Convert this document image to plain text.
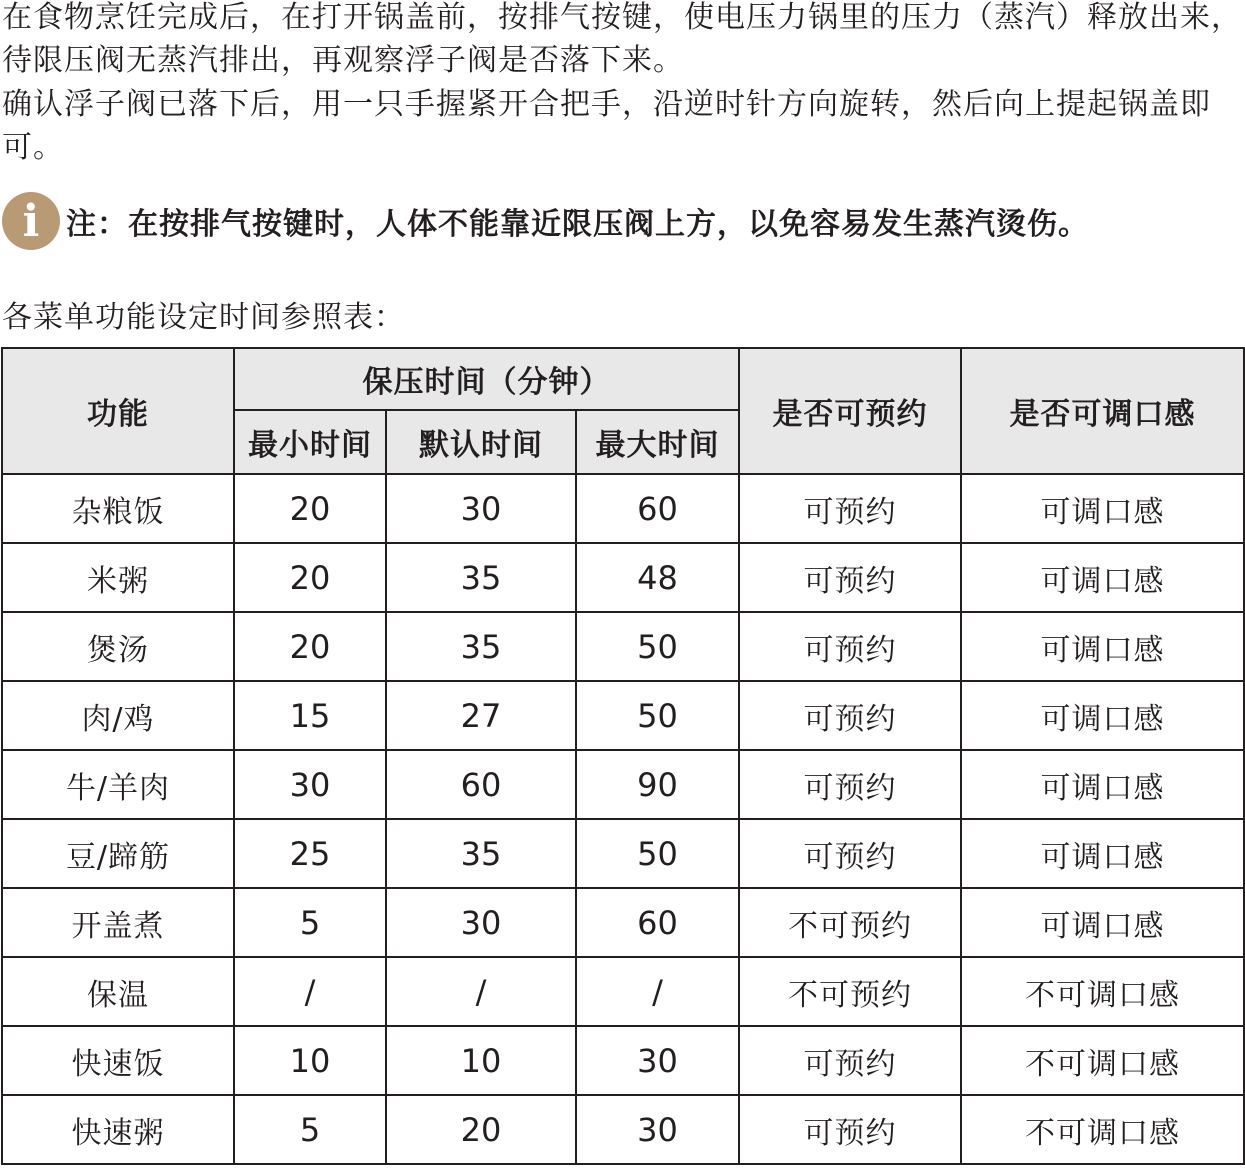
在食物烹饪完成后，在打开锅盖前，按排气按键，使电压力锅里的压力（蒸汽）释放出来，待限压阀无蒸汽排出，再观察浮子阀是否落下来。

确认浮子阀已落下后，用一只手握紧开合把手，沿逆时针方向旋转，然后向上提起锅盖即可。

i 注：在按排气按键时，人体不能靠近限压阀上方，以免容易发生蒸汽烫伤。

各菜单功能设定时间参照表：

功能	保压时间（分钟）			是否可预约	是否可调口感
	最小时间	默认时间	最大时间		
杂粮饭	20	30	60	可预约	可调口感
米粥	20	35	48	可预约	可调口感
煲汤	20	35	50	可预约	可调口感
肉/鸡	15	27	50	可预约	可调口感
牛/羊肉	30	60	90	可预约	可调口感
豆/蹄筋	25	35	50	可预约	可调口感
开盖煮	5	30	60	不可预约	可调口感
保温	/	/	/	不可预约	不可调口感
快速饭	10	10	30	可预约	不可调口感
快速粥	5	20	30	可预约	不可调口感
